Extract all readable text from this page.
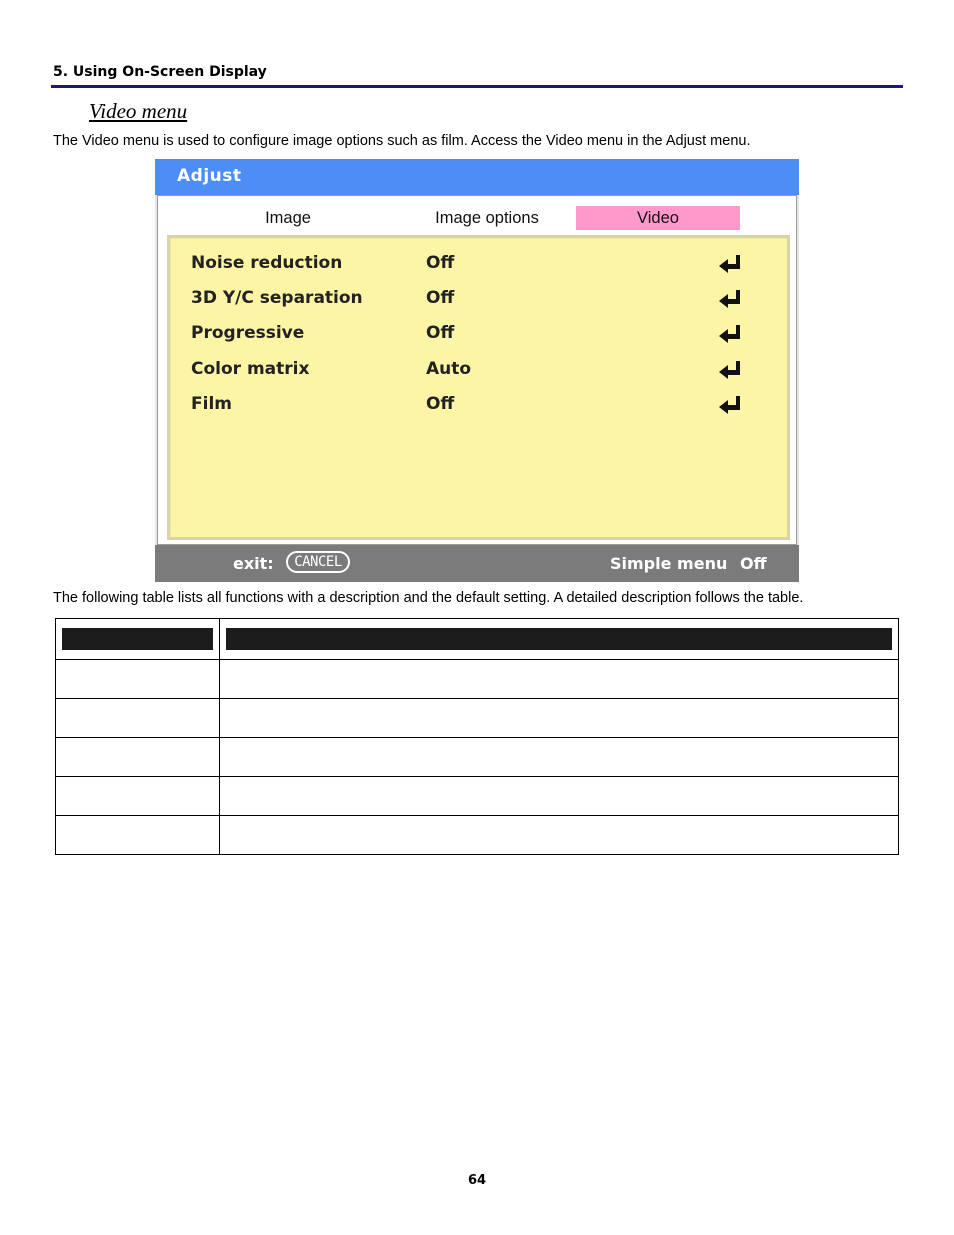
5. Using On-Screen Display
Video menu
The Video menu is used to configure image options such as film. Access the Video menu in the Adjust menu.
Adjust
Image	Image options	Video
Noise reduction	Off
3D Y/C separation	Off
Progressive	Off
Color matrix	Auto
Film	Off
exit:	CANCEL	Simple menu Off
The following table lists all functions with a description and the default setting. A detailed description follows the table.

64
